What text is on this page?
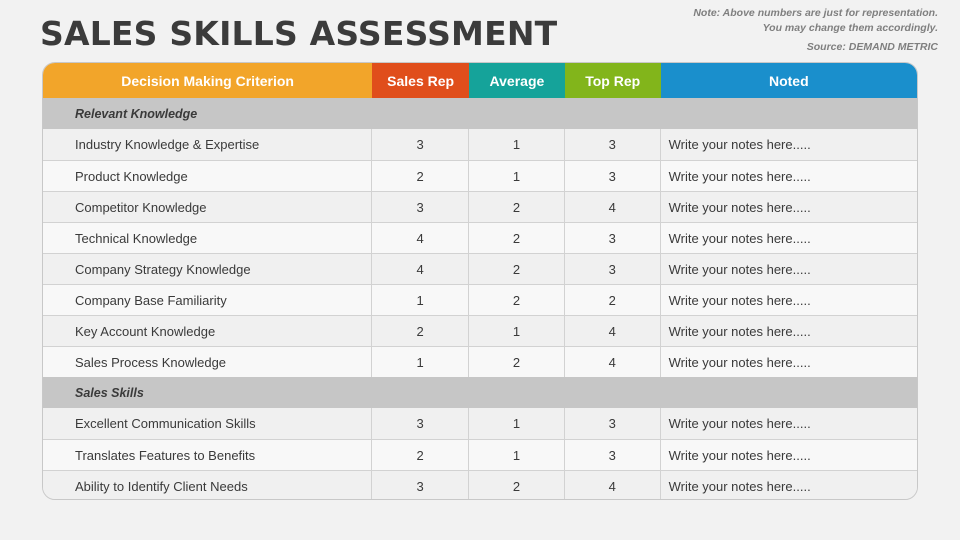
SALES SKILLS ASSESSMENT
Note: Above numbers are just for representation.
You may change them accordingly.
Source: DEMAND METRIC
Decision Making Criterion	Sales Rep	Average	Top Rep	Noted
Relevant Knowledge
Industry Knowledge & Expertise	3	1	3	Write your notes here.....
Product Knowledge	2	1	3	Write your notes here.....
Competitor Knowledge	3	2	4	Write your notes here.....
Technical Knowledge	4	2	3	Write your notes here.....
Company Strategy Knowledge	4	2	3	Write your notes here.....
Company Base Familiarity	1	2	2	Write your notes here.....
Key Account Knowledge	2	1	4	Write your notes here.....
Sales Process Knowledge	1	2	4	Write your notes here.....
Sales Skills
Excellent Communication Skills	3	1	3	Write your notes here.....
Translates Features to Benefits	2	1	3	Write your notes here.....
Ability to Identify Client Needs	3	2	4	Write your notes here.....
